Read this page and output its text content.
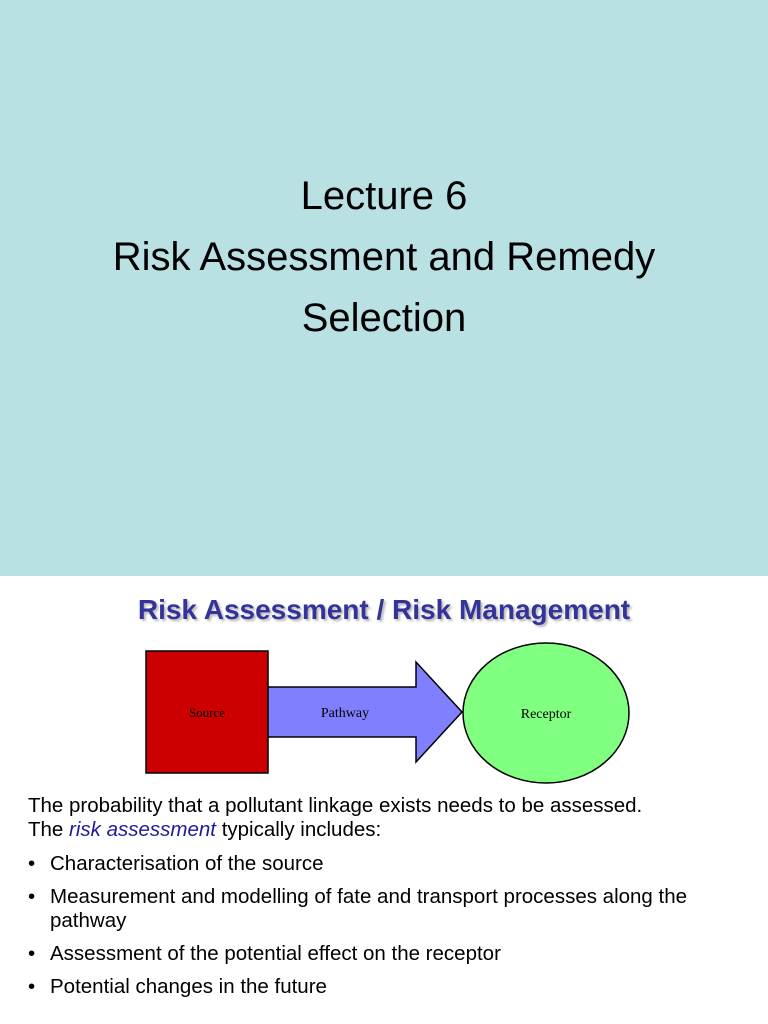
Lecture 6
Risk Assessment and Remedy
Selection
Risk Assessment / Risk Management
Source	Pathway	Receptor
The probability that a pollutant linkage exists needs to be assessed.
The risk assessment typically includes:
• Characterisation of the source
• Measurement and modelling of fate and transport processes along the pathway
• Assessment of the potential effect on the receptor
• Potential changes in the future
